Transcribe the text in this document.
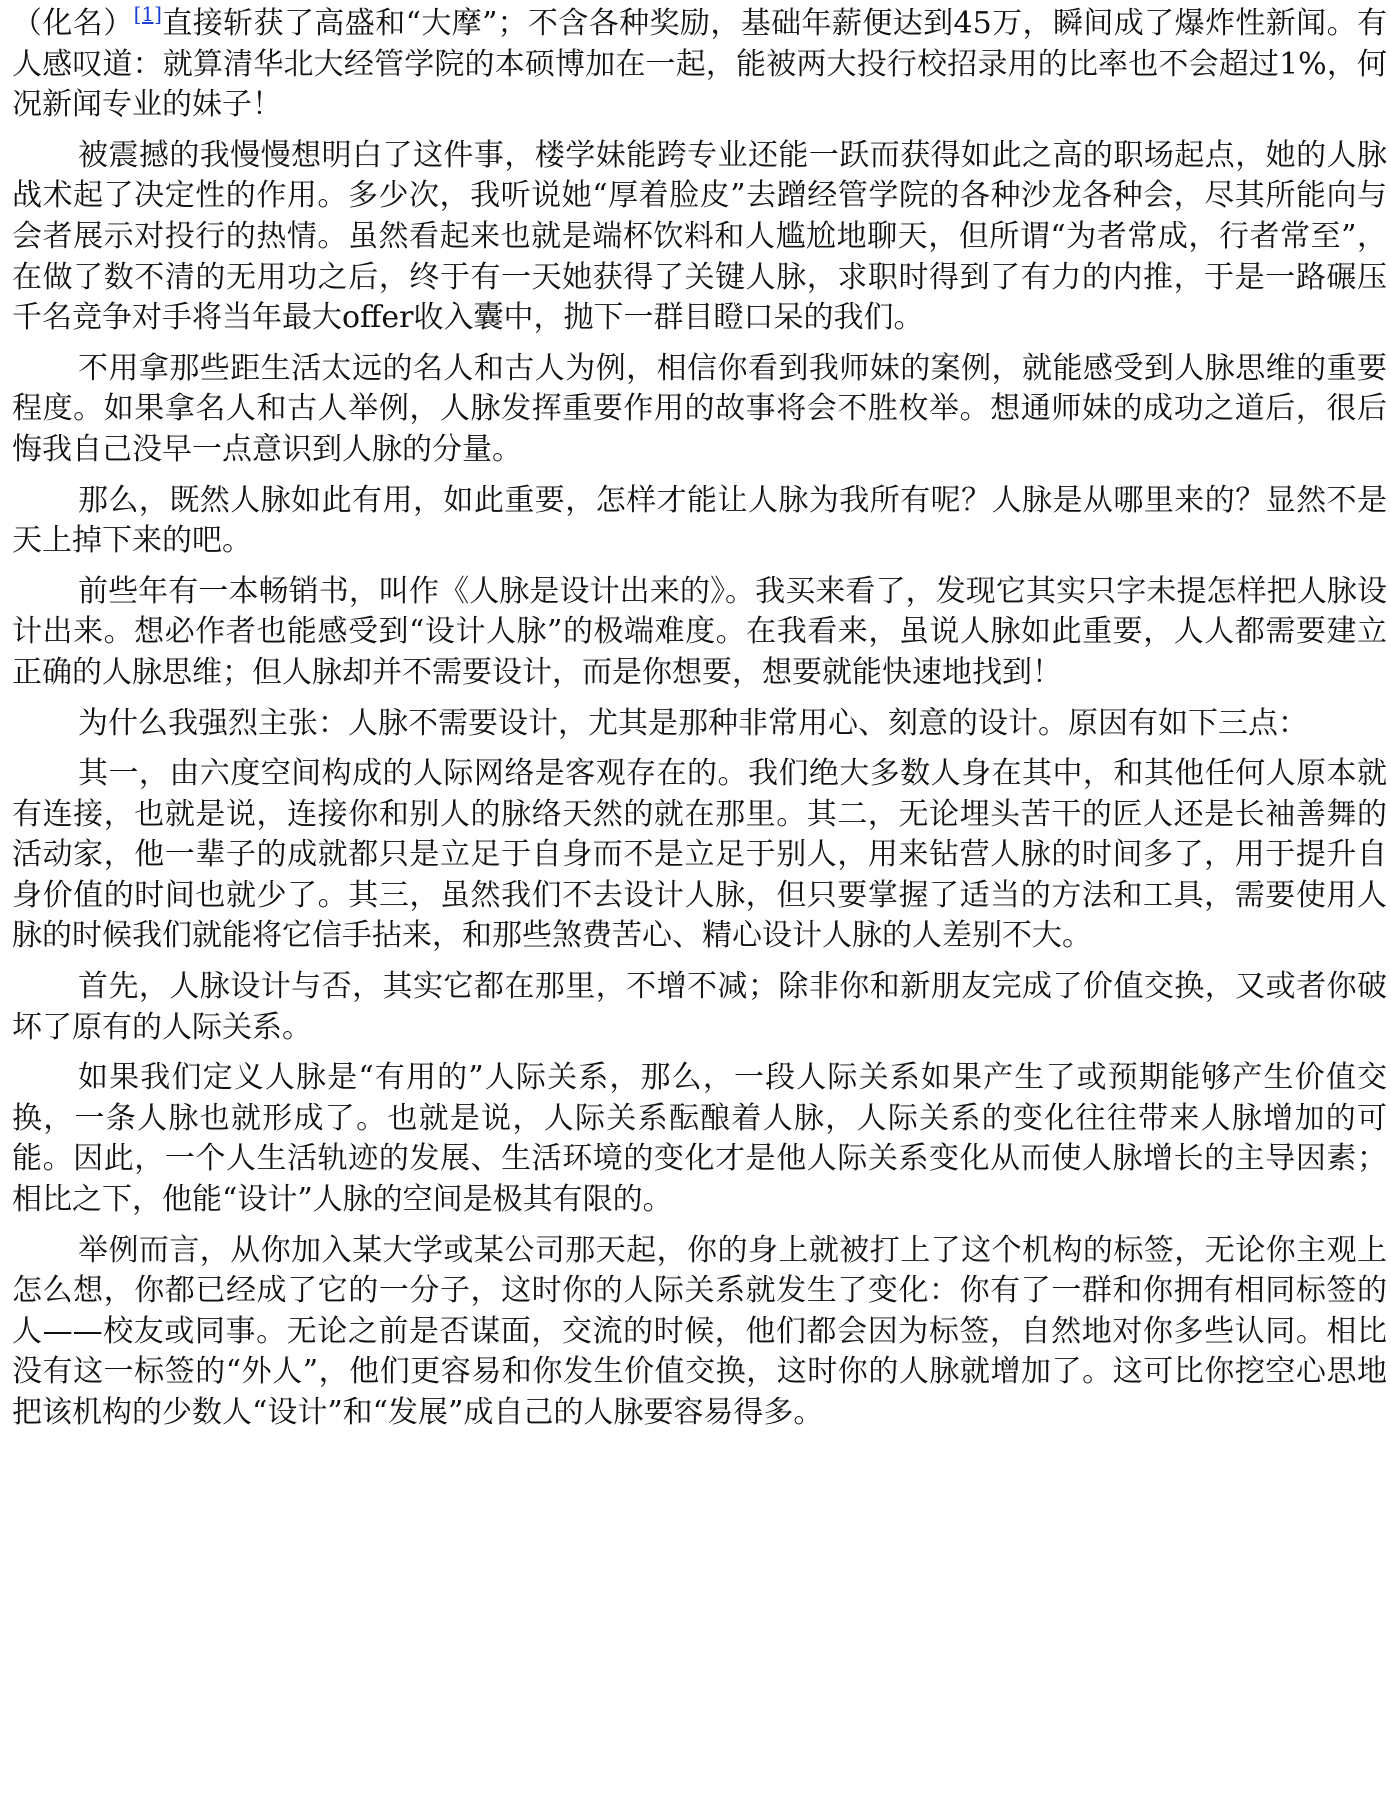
（化名）[1]直接斩获了高盛和“大摩”；不含各种奖励，基础年薪便达到45万，瞬间成了爆炸性新闻。有人感叹道：就算清华北大经管学院的本硕博加在一起，能被两大投行校招录用的比率也不会超过1%，何况新闻专业的妹子！

被震撼的我慢慢想明白了这件事，楼学妹能跨专业还能一跃而获得如此之高的职场起点，她的人脉战术起了决定性的作用。多少次，我听说她“厚着脸皮”去蹭经管学院的各种沙龙各种会，尽其所能向与会者展示对投行的热情。虽然看起来也就是端杯饮料和人尴尬地聊天，但所谓“为者常成，行者常至”，在做了数不清的无用功之后，终于有一天她获得了关键人脉，求职时得到了有力的内推，于是一路碾压千名竞争对手将当年最大offer收入囊中，抛下一群目瞪口呆的我们。

不用拿那些距生活太远的名人和古人为例，相信你看到我师妹的案例，就能感受到人脉思维的重要程度。如果拿名人和古人举例，人脉发挥重要作用的故事将会不胜枚举。想通师妹的成功之道后，很后悔我自己没早一点意识到人脉的分量。

那么，既然人脉如此有用，如此重要，怎样才能让人脉为我所有呢？人脉是从哪里来的？显然不是天上掉下来的吧。

前些年有一本畅销书，叫作《人脉是设计出来的》。我买来看了，发现它其实只字未提怎样把人脉设计出来。想必作者也能感受到“设计人脉”的极端难度。在我看来，虽说人脉如此重要，人人都需要建立正确的人脉思维；但人脉却并不需要设计，而是你想要，想要就能快速地找到！

为什么我强烈主张：人脉不需要设计，尤其是那种非常用心、刻意的设计。原因有如下三点：

其一，由六度空间构成的人际网络是客观存在的。我们绝大多数人身在其中，和其他任何人原本就有连接，也就是说，连接你和别人的脉络天然的就在那里。其二，无论埋头苦干的匠人还是长袖善舞的活动家，他一辈子的成就都只是立足于自身而不是立足于别人，用来钻营人脉的时间多了，用于提升自身价值的时间也就少了。其三，虽然我们不去设计人脉，但只要掌握了适当的方法和工具，需要使用人脉的时候我们就能将它信手拈来，和那些煞费苦心、精心设计人脉的人差别不大。

首先，人脉设计与否，其实它都在那里，不增不减；除非你和新朋友完成了价值交换，又或者你破坏了原有的人际关系。

如果我们定义人脉是“有用的”人际关系，那么，一段人际关系如果产生了或预期能够产生价值交换，一条人脉也就形成了。也就是说，人际关系酝酿着人脉，人际关系的变化往往带来人脉增加的可能。因此，一个人生活轨迹的发展、生活环境的变化才是他人际关系变化从而使人脉增长的主导因素；相比之下，他能“设计”人脉的空间是极其有限的。

举例而言，从你加入某大学或某公司那天起，你的身上就被打上了这个机构的标签，无论你主观上怎么想，你都已经成了它的一分子，这时你的人际关系就发生了变化：你有了一群和你拥有相同标签的人——校友或同事。无论之前是否谋面，交流的时候，他们都会因为标签，自然地对你多些认同。相比没有这一标签的“外人”，他们更容易和你发生价值交换，这时你的人脉就增加了。这可比你挖空心思地把该机构的少数人“设计”和“发展”成自己的人脉要容易得多。
